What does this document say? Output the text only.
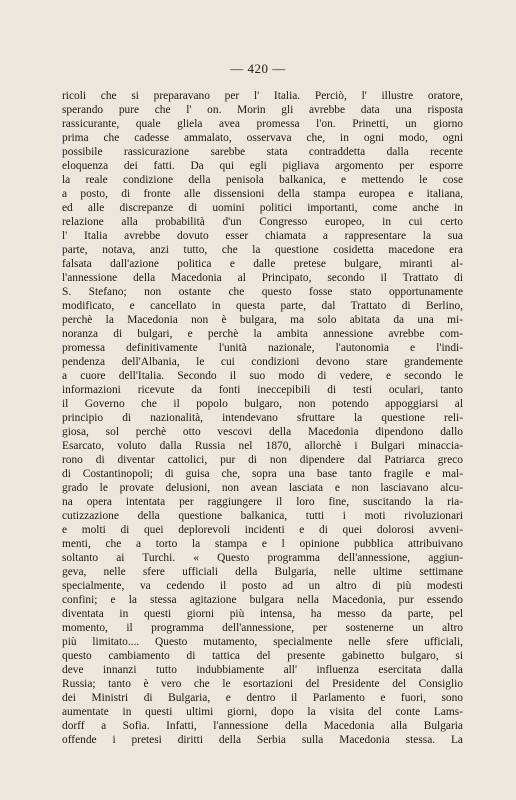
— 420 —
ricoli che si preparavano per l' Italia. Perciò, l' illustre oratore,
sperando pure che l' on. Morin gli avrebbe data una risposta
rassicurante, quale gliela avea promessa l'on. Prinetti, un giorno
prima che cadesse ammalato, osservava che, in ogni modo, ogni
possibile rassicurazione sarebbe stata contraddetta dalla recente
eloquenza dei fatti. Da qui egli pigliava argomento per esporre
la reale condizione della penisola balkanica, e mettendo le cose
a posto, di fronte alle dissensioni della stampa europea e italiana,
ed alle discrepanze di uomini politici importanti, come anche in
relazione alla probabilità d'un Congresso europeo, in cui certo
l' Italia avrebbe dovuto esser chiamata a rappresentare la sua
parte, notava, anzi tutto, che la questione cosidetta macedone era
falsata dall'azione politica e dalle pretese bulgare, miranti al-
l'annessione della Macedonia al Principato, secondo il Trattato di
S. Stefano; non ostante che questo fosse stato opportunamente
modificato, e cancellato in questa parte, dal Trattato di Berlino,
perchè la Macedonia non è bulgara, ma solo abitata da una mi-
noranza di bulgari, e perchè la ambita annessione avrebbe com-
promessa definitivamente l'unità nazionale, l'autonomia e l'indi-
pendenza dell'Albania, le cui condizioni devono stare grandemente
a cuore dell'Italia. Secondo il suo modo di vedere, e secondo le
informazioni ricevute da fonti ineccepibili di testi oculari, tanto
il Governo che il popolo bulgaro, non potendo appoggiarsi al
principio di nazionalità, intendevano sfruttare la questione reli-
giosa, sol perchè otto vescovi della Macedonia dipendono dallo
Esarcato, voluto dalla Russia nel 1870, allorchè i Bulgari minaccia-
rono di diventar cattolici, pur di non dipendere dal Patriarca greco
di Costantinopoli; di guisa che, sopra una base tanto fragile e mal-
grado le provate delusioni, non avean lasciata e non lasciavano alcu-
na opera intentata per raggiungere il loro fine, suscitando la ria-
cutizzazione della questione balkanica, tutti i moti rivoluzionari
e molti di quei deplorevoli incidenti e di quei dolorosi avveni-
menti, che a torto la stampa e l opinione pubblica attribuivano
soltanto ai Turchi. « Questo programma dell'annessione, aggiun-
geva, nelle sfere ufficiali della Bulgaria, nelle ultime settimane
specialmente, va cedendo il posto ad un altro di più modesti
confini; e la stessa agitazione bulgara nella Macedonia, pur essendo
diventata in questi giorni più intensa, ha messo da parte, pel
momento, il programma dell'annessione, per sostenerne un altro
più limitato.... Questo mutamento, specialmente nelle sfere ufficiali,
questo cambiamento di tattica del presente gabinetto bulgaro, si
deve innanzi tutto indubbiamente all' influenza esercitata dalla
Russia; tanto è vero che le esortazioni del Presidente del Consiglio
dei Ministri di Bulgaria, e dentro il Parlamento e fuori, sono
aumentate in questi ultimi giorni, dopo la visita del conte Lams-
dorff a Sofia. Infatti, l'annessione della Macedonia alla Bulgaria
offende i pretesi diritti della Serbia sulla Macedonia stessa. La
